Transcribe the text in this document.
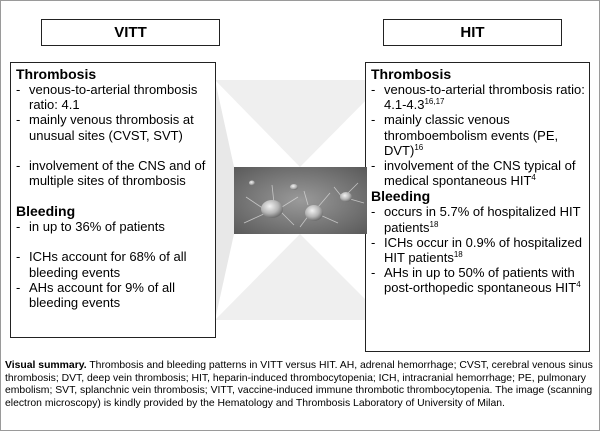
VITT	HIT
Thrombosis
- venous-to-arterial thrombosis ratio: 4.1
- mainly venous thrombosis at unusual sites (CVST, SVT)
- involvement of the CNS and of multiple sites of thrombosis
Bleeding
- in up to 36% of patients
- ICHs account for 68% of all bleeding events
- AHs account for 9% of all bleeding events
Thrombosis
- venous-to-arterial thrombosis ratio: 4.1-4.3$^{16,17}$
- mainly classic venous thromboembolism events (PE, DVT)$^{16}$
- involvement of the CNS typical of medical spontaneous HIT$^4$
Bleeding
- occurs in 5.7% of hospitalized HIT patients$^{18}$
- ICHs occur in 0.9% of hospitalized HIT patients$^{18}$
- AHs in up to 50% of patients with post-orthopedic spontaneous HIT$^4$
Visual summary. Thrombosis and bleeding patterns in VITT versus HIT. AH, adrenal hemorrhage; CVST, cerebral venous sinus thrombosis; DVT, deep vein thrombosis; HIT, heparin-induced thrombocytopenia; ICH, intracranial hemorrhage; PE, pulmonary embolism; SVT, splanchnic vein thrombosis; VITT, vaccine-induced immune thrombotic thrombocytopenia. The image (scanning electron microscopy) is kindly provided by the Hematology and Thrombosis Laboratory of University of Milan.
